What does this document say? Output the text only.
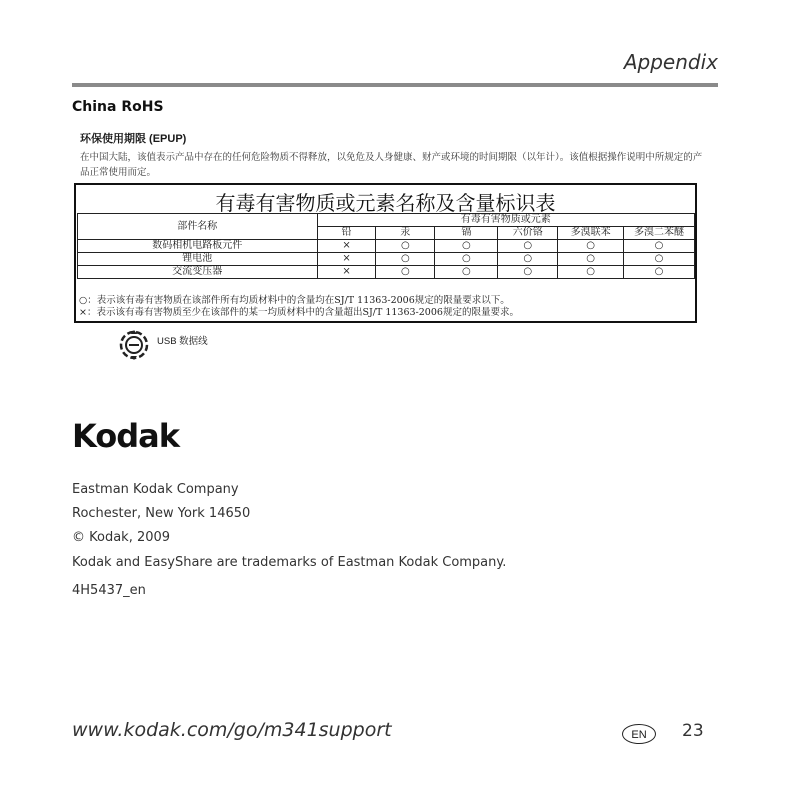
Appendix
China RoHS
环保使用期限 (EPUP)
在中国大陆，该值表示产品中存在的任何危险物质不得释放，以免危及人身健康、财产或环境的时间期限（以年计）。该值根据操作说明中所规定的产品正常使用而定。
有毒有害物质或元素名称及含量标识表
部件名称	有毒有害物质或元素					
	铅	汞	镉	六价铬	多溴联苯	多溴二苯醚
数码相机电路板元件	×	○	○	○	○	○
锂电池	×	○	○	○	○	○
交流变压器	×	○	○	○	○	○
○：表示该有毒有害物质在该部件所有均质材料中的含量均在SJ/T 11363-2006规定的限量要求以下。
×：表示该有毒有害物质至少在该部件的某一均质材料中的含量超出SJ/T 11363-2006规定的限量要求。
USB 数据线
Kodak
Eastman Kodak Company
Rochester, New York 14650
© Kodak, 2009
Kodak and EasyShare are trademarks of Eastman Kodak Company.
4H5437_en
www.kodak.com/go/m341support	EN	23
